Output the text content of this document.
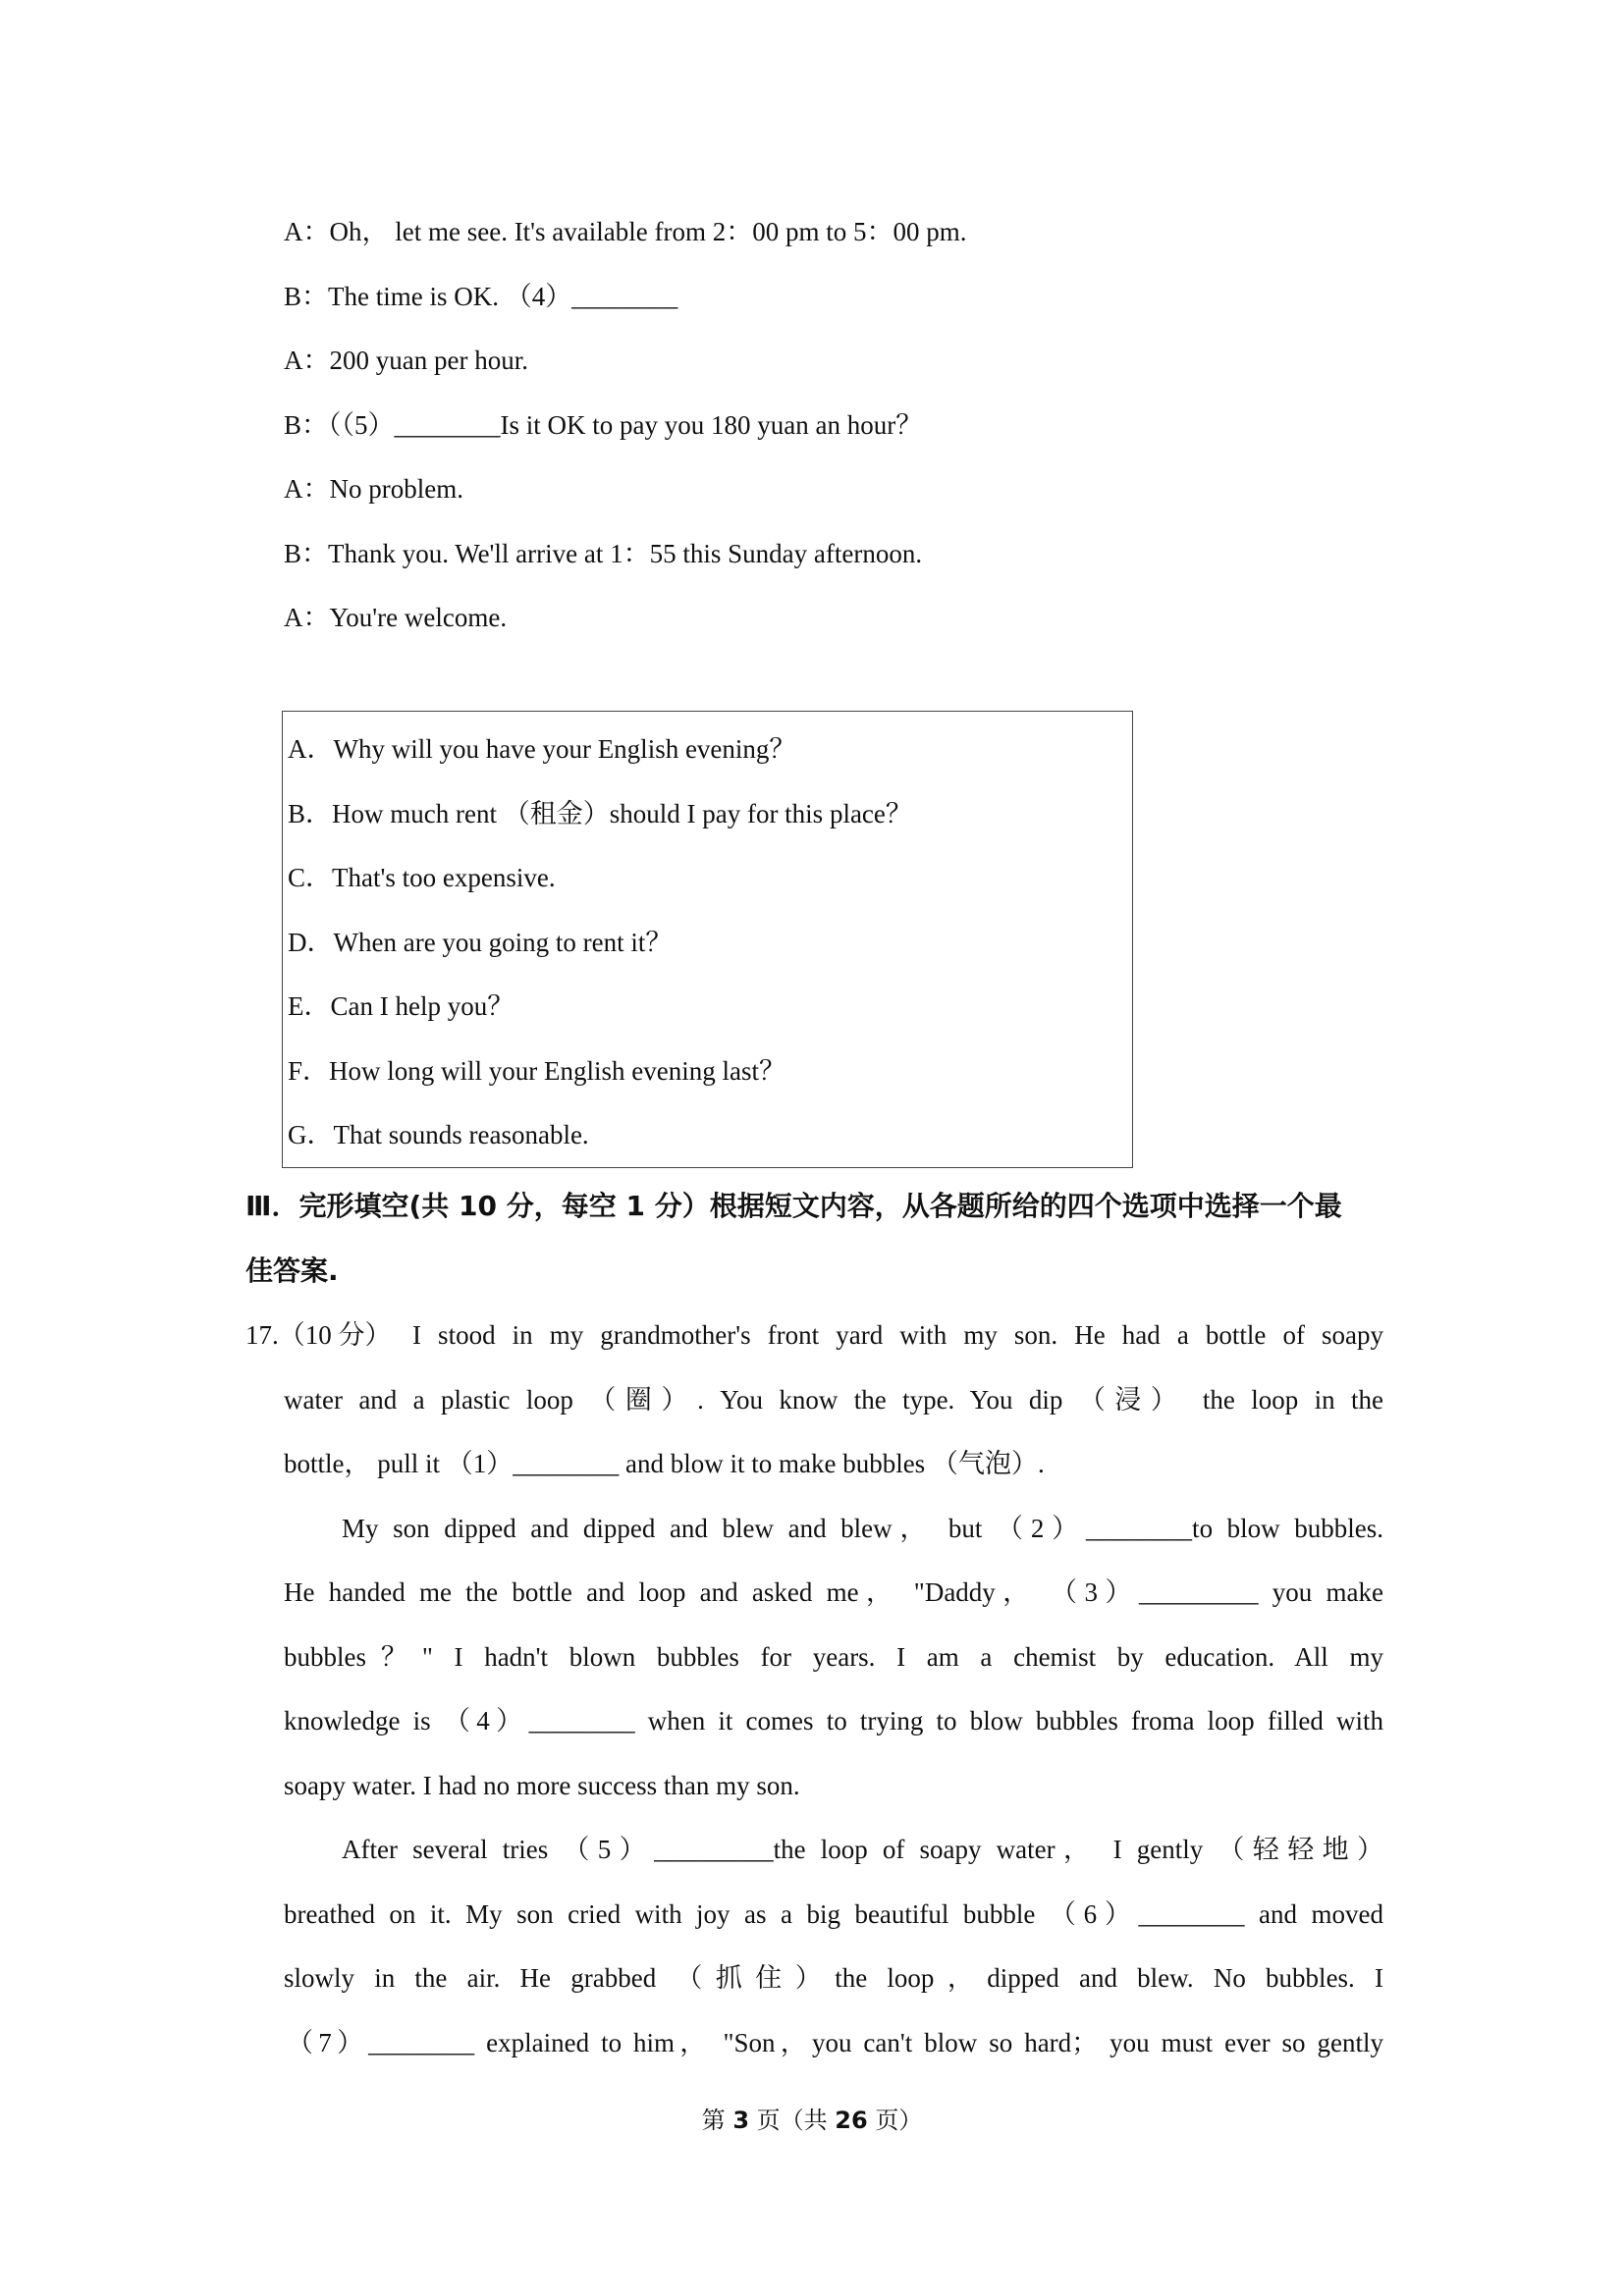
A：Oh， let me see. It's available from 2：00 pm to 5：00 pm.
B：The time is OK. （4）________
A：200 yuan per hour.
B：（（5）________Is it OK to pay you 180 yuan an hour？
A：No problem.
B：Thank you. We'll arrive at 1：55 this Sunday afternoon.
A：You're welcome.
A．Why will you have your English evening？
B．How much rent （租金）should I pay for this place？
C．That's too expensive.
D．When are you going to rent it？
E．Can I help you？
F．How long will your English evening last？
G．That sounds reasonable.
Ⅲ．完形填空(共 10 分，每空 1 分）根据短文内容，从各题所给的四个选项中选择一个最
佳答案.
17.（10 分） I stood in my grandmother's front yard with my son. He had a bottle of soapy
water and a plastic loop （圈）. You know the type. You dip （浸） the loop in the
bottle， pull it （1）________ and blow it to make bubbles （气泡）.
My son dipped and dipped and blew and blew， but （2）________to blow bubbles.
He handed me the bottle and loop and asked me， "Daddy， （3）_________ you make
bubbles？" I hadn't blown bubbles for years. I am a chemist by education. All my
knowledge is （4）________ when it comes to trying to blow bubbles froma loop filled with
soapy water. I had no more success than my son.
After several tries （5）_________the loop of soapy water， I gently （轻轻地）
breathed on it. My son cried with joy as a big beautiful bubble （6）________ and moved
slowly in the air. He grabbed （抓住）the loop，dipped and blew. No bubbles. I
（7）________ explained to him， "Son，you can't blow so hard； you must ever so gently
第 3 页（共 26 页）
